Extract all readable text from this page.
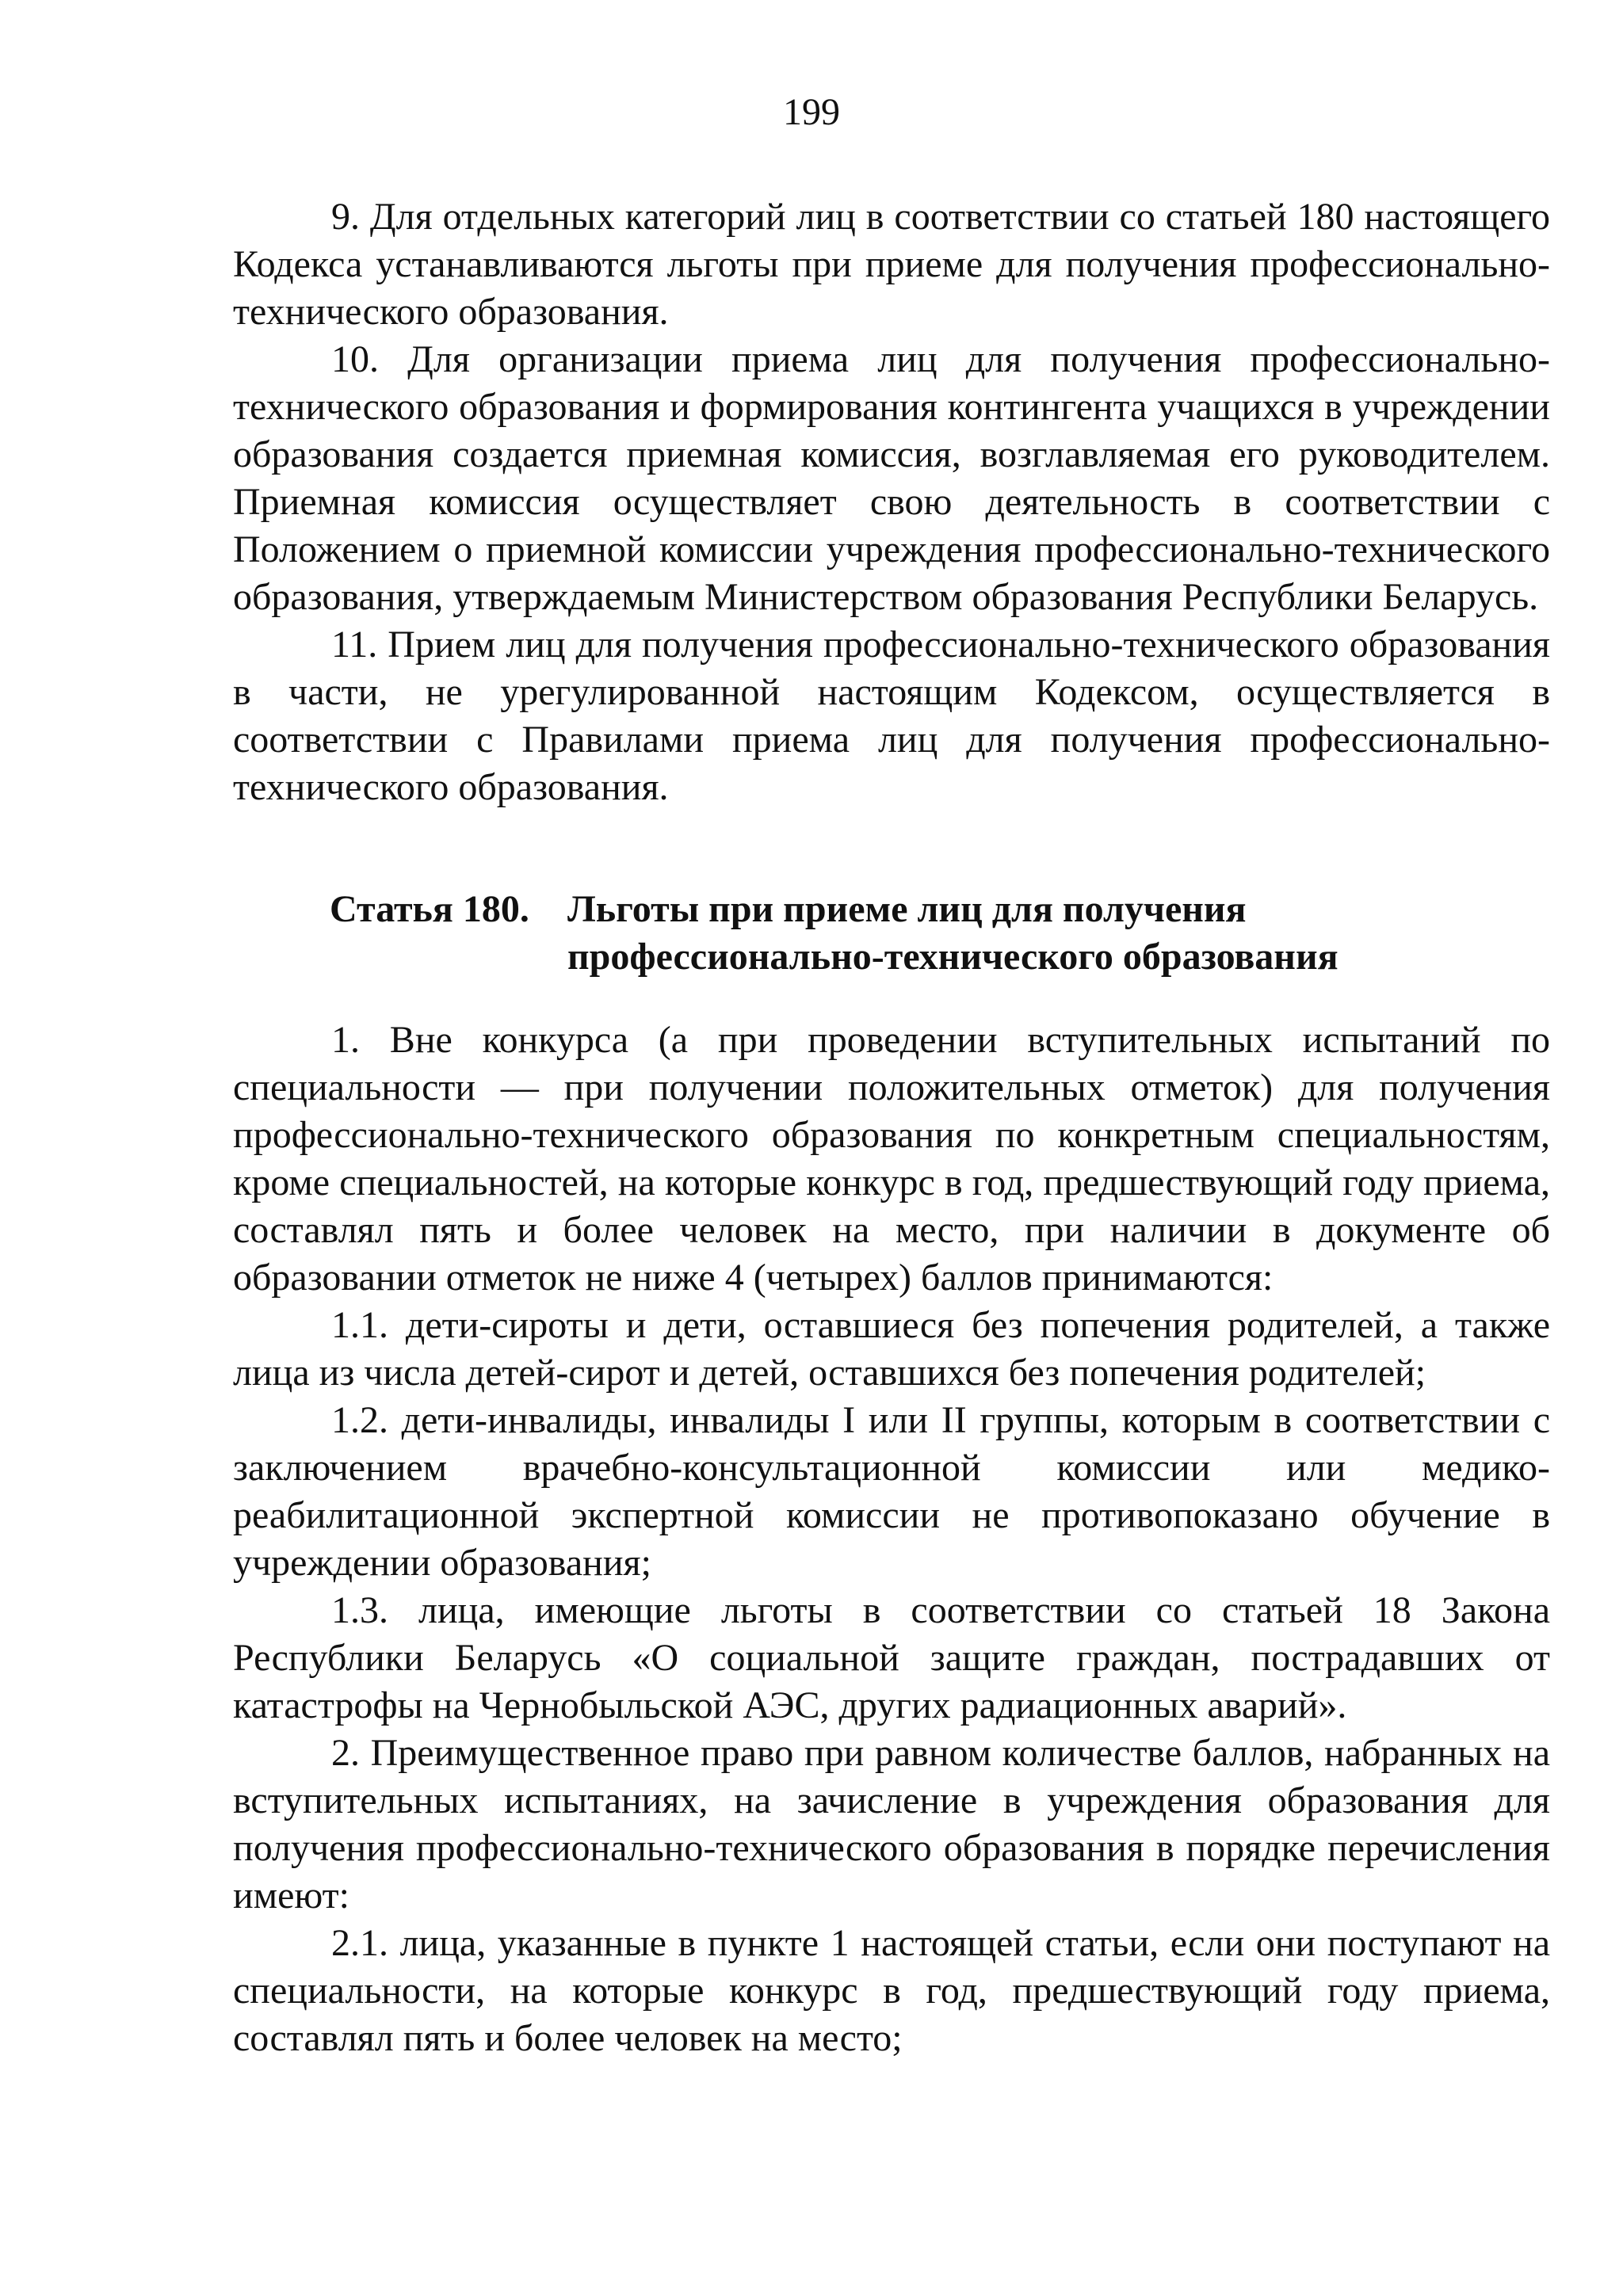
199

9. Для отдельных категорий лиц в соответствии со статьей 180 настоящего Кодекса устанавливаются льготы при приеме для получения профессионально-технического образования.

10. Для организации приема лиц для получения профессионально-технического образования и формирования контингента учащихся в учреждении образования создается приемная комиссия, возглавляемая его руководителем. Приемная комиссия осуществляет свою деятельность в соответствии с Положением о приемной комиссии учреждения профессионально-технического образования, утверждаемым Министерством образования Республики Беларусь.

11. Прием лиц для получения профессионально-технического образования в части, не урегулированной настоящим Кодексом, осуществляется в соответствии с Правилами приема лиц для получения профессионально-технического образования.

Статья 180. Льготы при приеме лиц для получения
профессионально-технического образования

1. Вне конкурса (а при проведении вступительных испытаний по специальности — при получении положительных отметок) для получения профессионально-технического образования по конкретным специальностям, кроме специальностей, на которые конкурс в год, предшествующий году приема, составлял пять и более человек на место, при наличии в документе об образовании отметок не ниже 4 (четырех) баллов принимаются:

1.1. дети-сироты и дети, оставшиеся без попечения родителей, а также лица из числа детей-сирот и детей, оставшихся без попечения родителей;

1.2. дети-инвалиды, инвалиды I или II группы, которым в соответствии с заключением врачебно-консультационной комиссии или медико-реабилитационной экспертной комиссии не противопоказано обучение в учреждении образования;

1.3. лица, имеющие льготы в соответствии со статьей 18 Закона Республики Беларусь «О социальной защите граждан, пострадавших от катастрофы на Чернобыльской АЭС, других радиационных аварий».

2. Преимущественное право при равном количестве баллов, набранных на вступительных испытаниях, на зачисление в учреждения образования для получения профессионально-технического образования в порядке перечисления имеют:

2.1. лица, указанные в пункте 1 настоящей статьи, если они поступают на специальности, на которые конкурс в год, предшествующий году приема, составлял пять и более человек на место;
